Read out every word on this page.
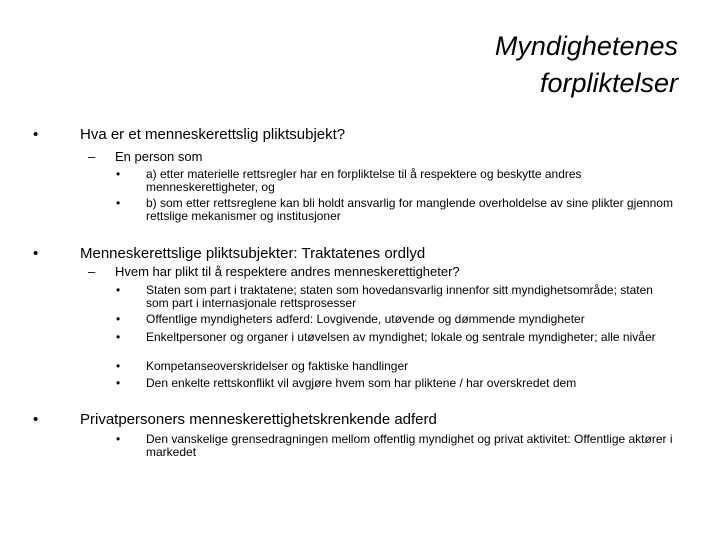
Myndighetenes
forpliktelser
•	Hva er et menneskerettslig pliktsubjekt?
– En person som
• a) etter materielle rettsregler har en forpliktelse til å respektere og beskytte andres menneskerettigheter, og
• b) som etter rettsreglene kan bli holdt ansvarlig for manglende overholdelse av sine plikter gjennom rettslige mekanismer og institusjoner
•	Menneskerettslige pliktsubjekter: Traktatenes ordlyd
– Hvem har plikt til å respektere andres menneskerettigheter?
• Staten som part i traktatene; staten som hovedansvarlig innenfor sitt myndighetsområde; staten som part i internasjonale rettsprosesser
• Offentlige myndigheters adferd: Lovgivende, utøvende og dømmende myndigheter
• Enkeltpersoner og organer i utøvelsen av myndighet; lokale og sentrale myndigheter; alle nivåer
• Kompetanseoverskridelser og faktiske handlinger
• Den enkelte rettskonflikt vil avgjøre hvem som har pliktene / har overskredet dem
•	Privatpersoners menneskerettighetskrenkende adferd
• Den vanskelige grensedragningen mellom offentlig myndighet og privat aktivitet: Offentlige aktører i markedet
